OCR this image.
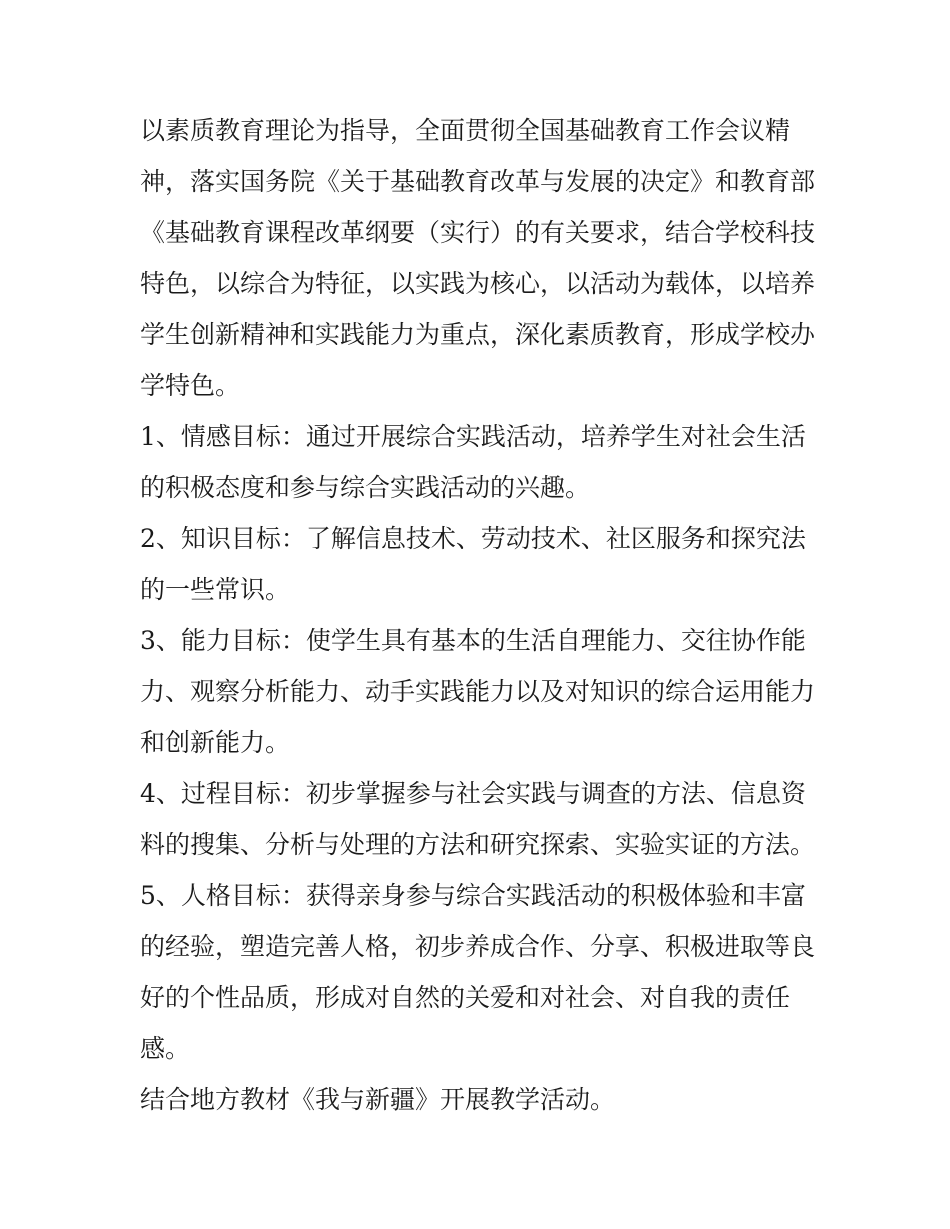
以素质教育理论为指导，全面贯彻全国基础教育工作会议精神，落实国务院《关于基础教育改革与发展的决定》和教育部《基础教育课程改革纲要（实行）的有关要求，结合学校科技特色，以综合为特征，以实践为核心，以活动为载体，以培养学生创新精神和实践能力为重点，深化素质教育，形成学校办学特色。

1、情感目标：通过开展综合实践活动，培养学生对社会生活的积极态度和参与综合实践活动的兴趣。

2、知识目标：了解信息技术、劳动技术、社区服务和探究法的一些常识。

3、能力目标：使学生具有基本的生活自理能力、交往协作能力、观察分析能力、动手实践能力以及对知识的综合运用能力和创新能力。

4、过程目标：初步掌握参与社会实践与调查的方法、信息资料的搜集、分析与处理的方法和研究探索、实验实证的方法。

5、人格目标：获得亲身参与综合实践活动的积极体验和丰富的经验，塑造完善人格，初步养成合作、分享、积极进取等良好的个性品质，形成对自然的关爱和对社会、对自我的责任感。

结合地方教材《我与新疆》开展教学活动。
